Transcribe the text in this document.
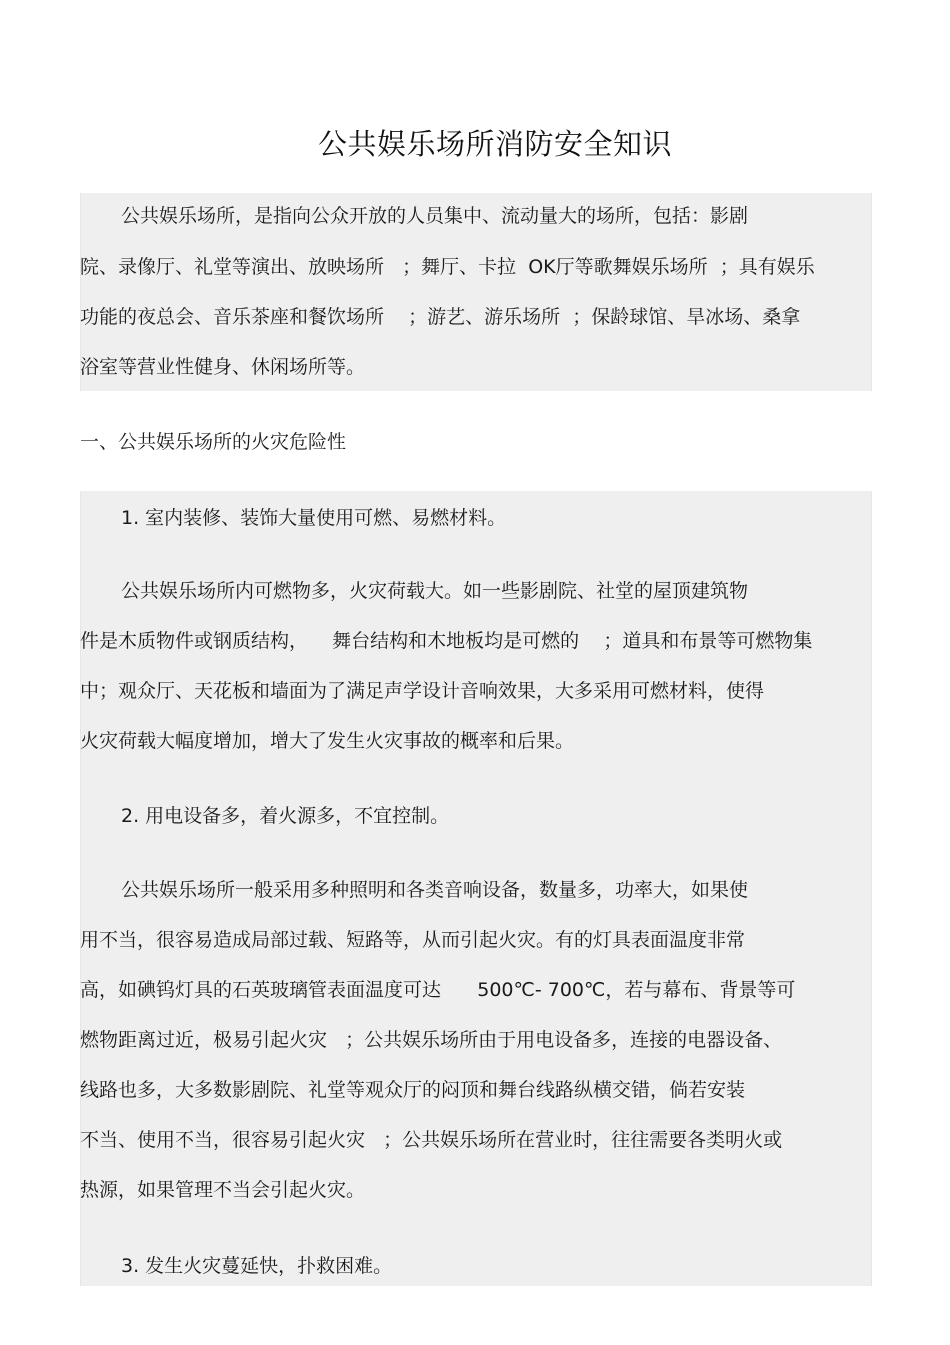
公共娱乐场所消防安全知识
公共娱乐场所，是指向公众开放的人员集中、流动量大的场所，包括：影剧
院、录像厅、礼堂等演出、放映场所   ；舞厅、卡拉  OK厅等歌舞娱乐场所  ；具有娱乐
功能的夜总会、音乐茶座和餐饮场所    ；游艺、游乐场所  ；保龄球馆、旱冰场、桑拿
浴室等营业性健身、休闲场所等。
一、公共娱乐场所的火灾危险性
1. 室内装修、装饰大量使用可燃、易燃材料。
公共娱乐场所内可燃物多，火灾荷载大。如一些影剧院、社堂的屋顶建筑物
件是木质物件或钢质结构，    舞台结构和木地板均是可燃的    ；道具和布景等可燃物集
中；观众厅、天花板和墙面为了满足声学设计音响效果，大多采用可燃材料，使得
火灾荷载大幅度增加，增大了发生火灾事故的概率和后果。
2. 用电设备多，着火源多，不宜控制。
公共娱乐场所一般采用多种照明和各类音响设备，数量多，功率大，如果使
用不当，很容易造成局部过载、短路等，从而引起火灾。有的灯具表面温度非常
高，如碘钨灯具的石英玻璃管表面温度可达      500℃- 700℃，若与幕布、背景等可
燃物距离过近，极易引起火灾   ；公共娱乐场所由于用电设备多，连接的电器设备、
线路也多，大多数影剧院、礼堂等观众厅的闷顶和舞台线路纵横交错，倘若安装
不当、使用不当，很容易引起火灾   ；公共娱乐场所在营业时，往往需要各类明火或
热源，如果管理不当会引起火灾。
3. 发生火灾蔓延快，扑救困难。
